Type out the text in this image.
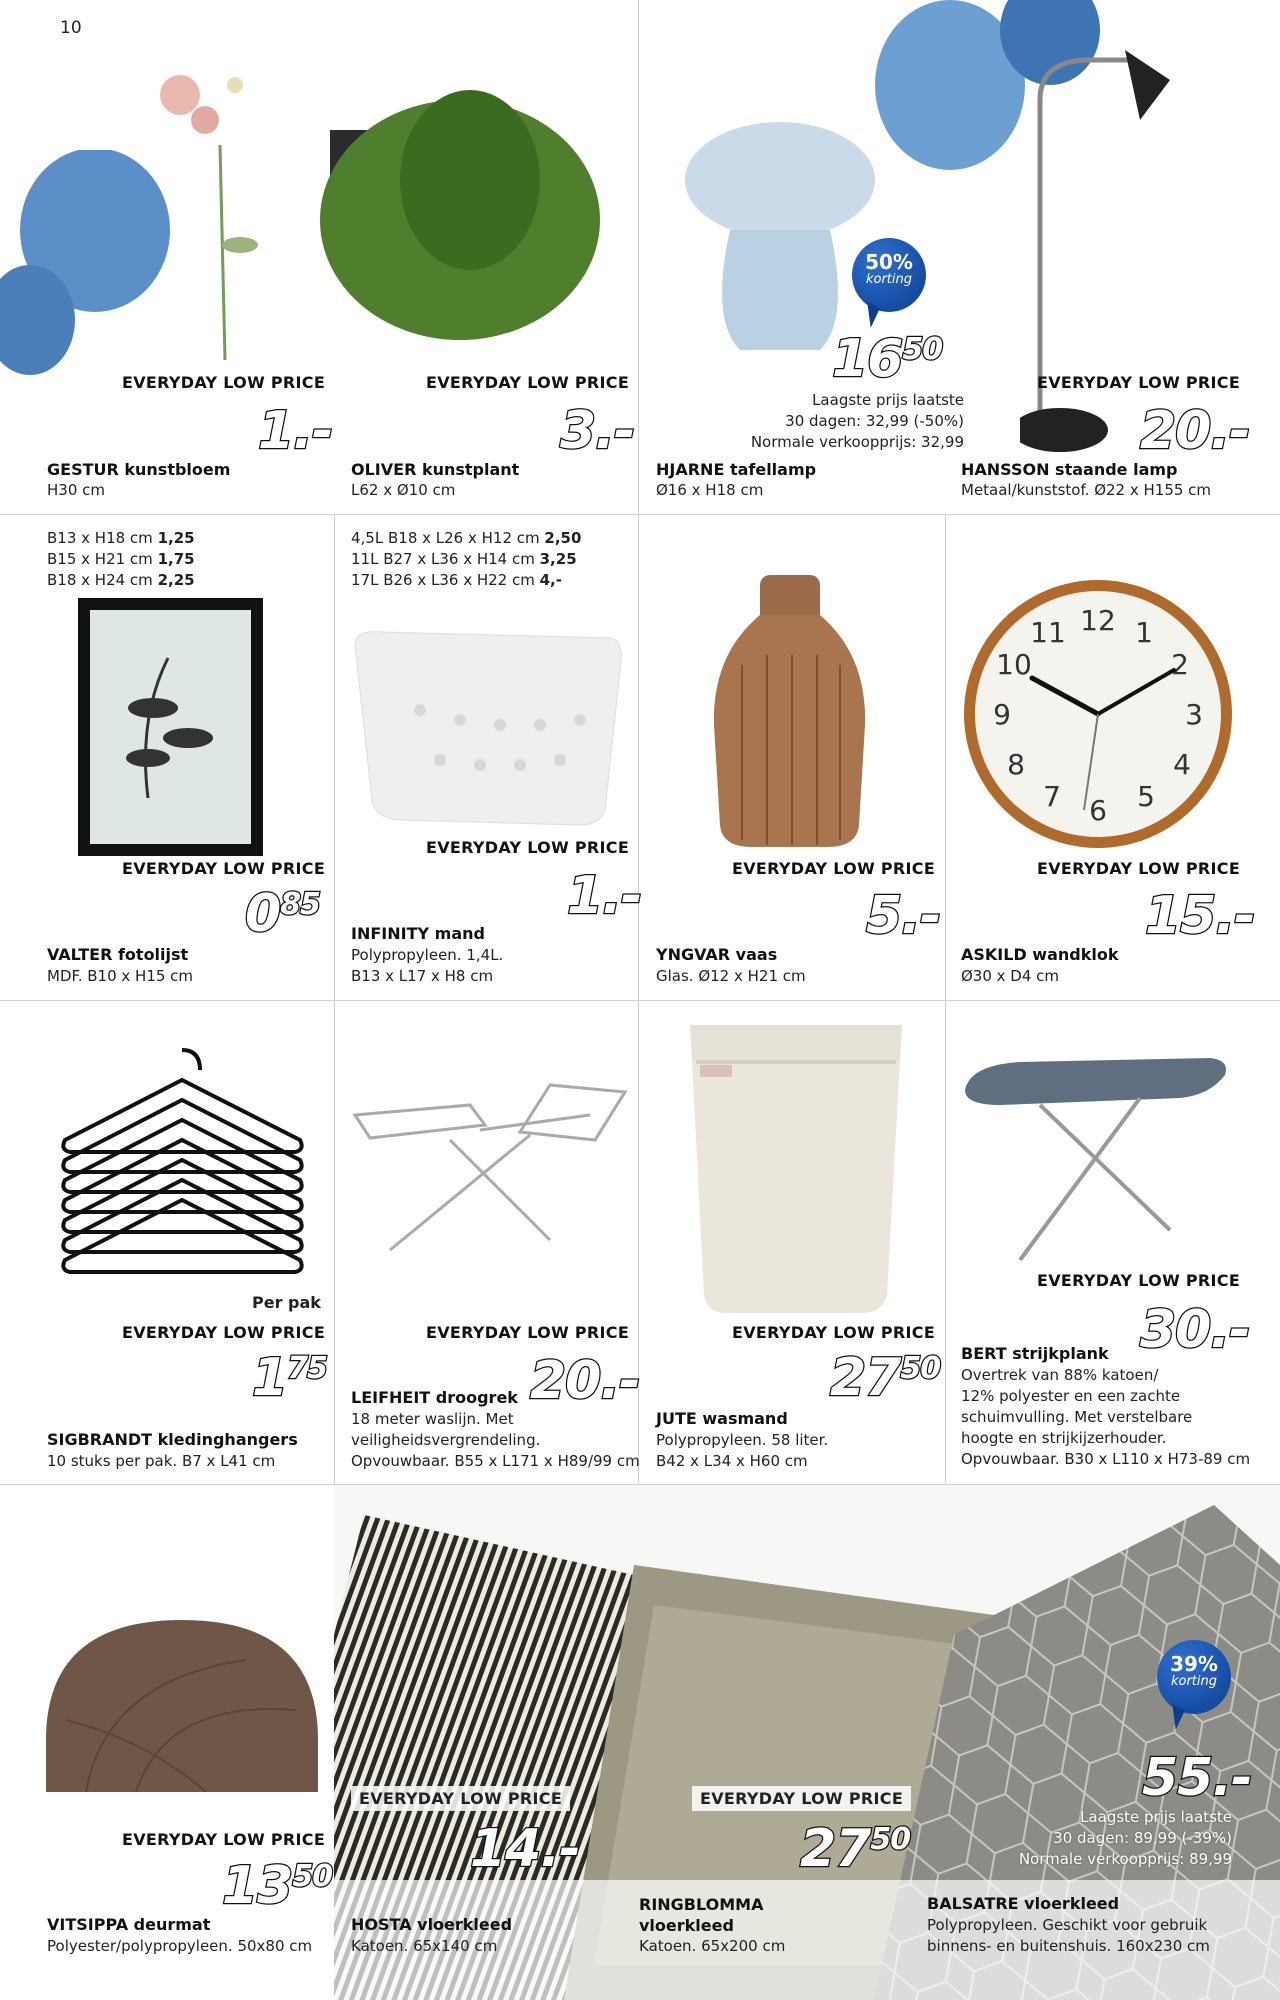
10
50%
korting
EVERYDAY LOW PRICE
1.-
GESTUR kunstbloem
H30 cm
EVERYDAY LOW PRICE
3.-
OLIVER kunstplant
L62 x Ø10 cm
$16^{50}$
Laagste prijs laatste
30 dagen: 32,99 (-50%)
Normale verkoopprijs: 32,99
HJARNE tafellamp
Ø16 x H18 cm
EVERYDAY LOW PRICE
20.-
HANSSON staande lamp
Metaal/kunststof. Ø22 x H155 cm
B13 x H18 cm 1,25
B15 x H21 cm 1,75
B18 x H24 cm 2,25
EVERYDAY LOW PRICE
$0^{85}$
VALTER fotolijst
MDF. B10 x H15 cm
4,5L B18 x L26 x H12 cm 2,50
11L B27 x L36 x H14 cm 3,25
17L B26 x L36 x H22 cm 4,-
EVERYDAY LOW PRICE
1.-
INFINITY mand
Polypropyleen. 1,4L.
B13 x L17 x H8 cm
EVERYDAY LOW PRICE
5.-
YNGVAR vaas
Glas. Ø12 x H21 cm
12 1
2
3
4
5
6
7
8
9
10
11
EVERYDAY LOW PRICE
15.-
ASKILD wandklok
Ø30 x D4 cm
Per pak
EVERYDAY LOW PRICE
$1^{75}$
SIGBRANDT kledinghangers
10 stuks per pak. B7 x L41 cm
EVERYDAY LOW PRICE
20.-
LEIFHEIT droogrek
18 meter waslijn. Met
veiligheidsvergrendeling.
Opvouwbaar. B55 x L171 x H89/99 cm
EVERYDAY LOW PRICE
$27^{50}$
JUTE wasmand
Polypropyleen. 58 liter.
B42 x L34 x H60 cm
EVERYDAY LOW PRICE
30.-
BERT strijkplank
Overtrek van 88% katoen/
12% polyester en een zachte
schuimvulling. Met verstelbare
hoogte en strijkijzerhouder.
Opvouwbaar. B30 x L110 x H73-89 cm
EVERYDAY LOW PRICE
$13^{50}$
VITSIPPA deurmat
Polyester/polypropyleen. 50x80 cm
39%
korting
55.-
Laagste prijs laatste
30 dagen: 89,99 (-39%)
Normale verkoopprijs: 89,99
EVERYDAY LOW PRICE
14.-
EVERYDAY LOW PRICE
$27^{50}$
HOSTA vloerkleed
Katoen. 65x140 cm
RINGBLOMMA
vloerkleed
Katoen. 65x200 cm
BALSATRE vloerkleed
Polypropyleen. Geschikt voor gebruik
binnens- en buitenshuis. 160x230 cm
